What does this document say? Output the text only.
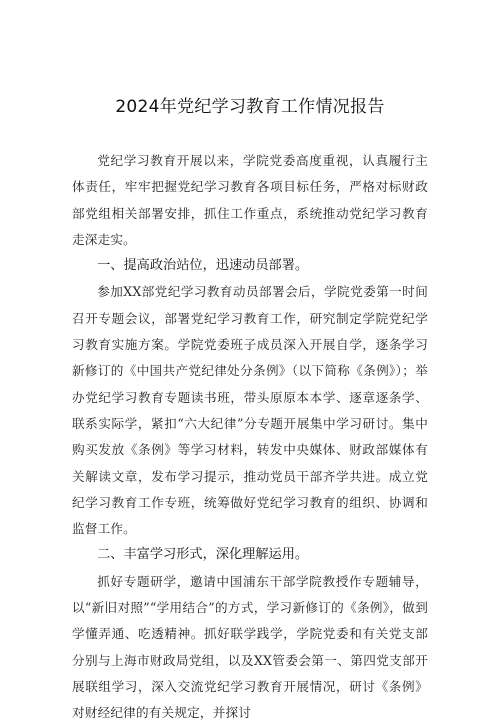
2024年党纪学习教育工作情况报告

党纪学习教育开展以来，学院党委高度重视，认真履行主体责任，牢牢把握党纪学习教育各项目标任务，严格对标财政部党组相关部署安排，抓住工作重点，系统推动党纪学习教育走深走实。

一、提高政治站位，迅速动员部署。

参加XX部党纪学习教育动员部署会后，学院党委第一时间召开专题会议，部署党纪学习教育工作，研究制定学院党纪学习教育实施方案。学院党委班子成员深入开展自学，逐条学习新修订的《中国共产党纪律处分条例》（以下简称《条例》）；举办党纪学习教育专题读书班，带头原原本本学、逐章逐条学、联系实际学，紧扣“六大纪律”分专题开展集中学习研讨。集中购买发放《条例》等学习材料，转发中央媒体、财政部媒体有关解读文章，发布学习提示，推动党员干部齐学共进。成立党纪学习教育工作专班，统筹做好党纪学习教育的组织、协调和监督工作。

二、丰富学习形式，深化理解运用。

抓好专题研学，邀请中国浦东干部学院教授作专题辅导，以“新旧对照”“学用结合”的方式，学习新修订的《条例》，做到学懂弄通、吃透精神。抓好联学践学，学院党委和有关党支部分别与上海市财政局党组，以及XX管委会第一、第四党支部开展联组学习，深入交流党纪学习教育开展情况，研讨《条例》对财经纪律的有关规定，并探讨
